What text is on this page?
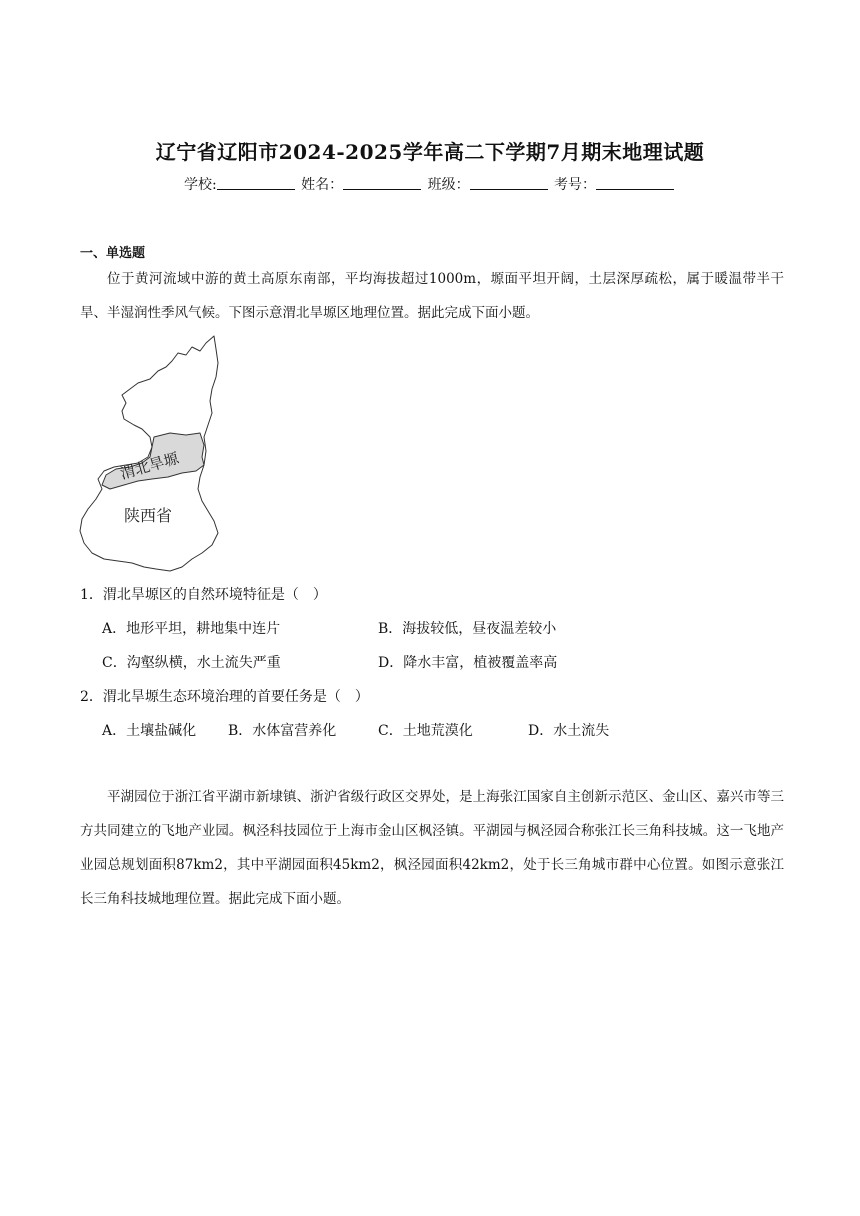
辽宁省辽阳市2024-2025学年高二下学期7月期末地理试题
学校:	姓名：	班级：	考号：
一、单选题
位于黄河流域中游的黄土高原东南部，平均海拔超过1000m，塬面平坦开阔，土层深厚疏松，属于暖温带半干旱、半湿润性季风气候。下图示意渭北旱塬区地理位置。据此完成下面小题。
渭北旱塬
陕西省
1．渭北旱塬区的自然环境特征是（　）
A．地形平坦，耕地集中连片	B．海拔较低，昼夜温差较小
C．沟壑纵横，水土流失严重	D．降水丰富，植被覆盖率高
2．渭北旱塬生态环境治理的首要任务是（　）
A．土壤盐碱化 B．水体富营养化	C．土地荒漠化	D．水土流失
平湖园位于浙江省平湖市新埭镇、浙沪省级行政区交界处，是上海张江国家自主创新示范区、金山区、嘉兴市等三方共同建立的飞地产业园。枫泾科技园位于上海市金山区枫泾镇。平湖园与枫泾园合称张江长三角科技城。这一飞地产业园总规划面积87km2，其中平湖园面积45km2，枫泾园面积42km2，处于长三角城市群中心位置。如图示意张江长三角科技城地理位置。据此完成下面小题。
